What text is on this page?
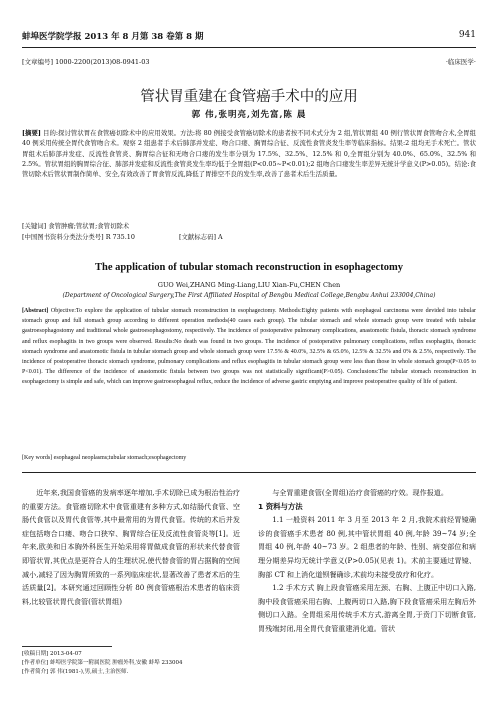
蚌埠医学院学报 2013 年 8 月第 38 卷第 8 期	941
[文章编号] 1000-2200(2013)08-0941-03	·临床医学·
管状胃重建在食管癌手术中的应用
郭 伟,张明亮,刘先富,陈 晨
[摘要] 目的:探讨管状胃在食管癌切除术中的应用效果。方法:将 80 例接受食管癌切除术的患者按不同术式分为 2 组,管状胃组 40 例行管状胃食管吻合术,全胃组 40 例采用传统全胃代食管吻合术。观察 2 组患者手术后肺部并发症、吻合口瘘、胸胃综合征、反流性食管炎发生率等临床指标。结果:2 组均无手术死亡。管状胃组术后肺部并发症、反流性食管炎、胸胃综合征和无吻合口瘘的发生率分别为 17.5%、32.5%、12.5% 和 0,全胃组分别为 40.0%、65.0%、32.5% 和 2.5%。管状胃组的胸胃综合征、肺部并发症和反流性食管炎发生率均低于全胃组(P<0.05~P<0.01);2 组吻合口瘘发生率差异无统计学意义(P>0.05)。结论:食管切除术后管状胃制作简单、安全,有效改善了胃食管反流,降低了胃排空不良的发生率,改善了患者术后生活质量。
[关键词] 食管肿瘤;管状胃;食管切除术
[中国图书资料分类法分类号] R 735.10	[文献标志码] A
The application of tubular stomach reconstruction in esophagectomy
GUO Wei,ZHANG Ming-Liang,LIU Xian-Fu,CHEN Chen
(Department of Oncological Surgery,The First Affiliated Hospital of Bengbu Medical College,Bengbu Anhui 233004,China)
[Abstract] Objective:To explore the application of tubular stomach reconstruction in esophagectomy. Methods:Eighty patients with esophageal carcinoma were devided into tubular stomach group and full stomach group according to different operation methods(40 cases each group). The tubular stomach and whole stomach group were treated with tubular gastroesophagostomy and traditional whole gastroesophagostomy, respectively. The incidence of postoperative pulmonary complications, anastomotic fistula, thoracic stomach syndrome and reflux esophagitis in two groups were observed. Results:No death was found in two groups. The incidence of postoperative pulmonary complications, reflux esophagitis, thoracic stomach syndrome and anastomotic fistula in tubular stomach group and whole stomach group were 17.5% & 40.0%, 32.5% & 65.0%, 12.5% & 32.5% and 0% & 2.5%, respectively. The incidence of postoperative thoracic stomach syndrome, pulmonary complications and reflux esophagitis in tubular stomach group were less than those in whole stomach group(P<0.05 to P<0.01). The difference of the incidence of anastomotic fistula between two groups was not statistically significant(P>0.05). Conclusions:The tubular stomach reconstruction in esophagectomy is simple and safe, which can improve gastroesophageal reflux, reduce the incidence of adverse gastric emptying and improve postoperative quality of life of patient.
[Key words] esophageal neoplasms;tubular stomach;esophagectomy

近年来,我国食管癌的发病率逐年增加,手术切除已成为根治性治疗的重要方法。食管癌切除术中食管重建有多种方式,如结肠代食管、空肠代食管以及胃代食管等,其中最常用的为胃代食管。传统的术后并发症包括吻合口瘘、吻合口狭窄、胸胃综合征及反流性食管炎等[1]。近年来,欧美和日本胸外科医生开始采用将胃做成食管的形状来代替食管即管状胃,其优点是更符合人的生理状况,使代替食管的胃占据胸的空间减小,减轻了因为胸胃所致的一系列临床症状,显著改善了患者术后的生活质量[2]。本研究通过回顾性分析 80 例食管癌根治术患者的临床资料,比较管状胃代食管(管状胃组)

与全胃重建食管(全胃组)治疗食管癌的疗效。现作报道。

1 资料与方法

1.1 一般资料 2011 年 3 月至 2013 年 2 月,我院术前经胃镜确诊的食管癌手术患者 80 例,其中管状胃组 40 例,年龄 39~74 岁;全胃组 40 例,年龄 40~73 岁。2 组患者的年龄、性别、病变部位和病理分期差异均无统计学意义(P>0.05)(见表 1)。术前主要通过胃镜、胸部 CT 和上消化道钡餐确诊,术前均未接受放疗和化疗。

1.2 手术方式 胸上段食管癌采用左颈、右胸、上腹正中切口入路,胸中段食管癌采用右胸、上腹两切口入路,胸下段食管癌采用左胸后外侧切口入路。全胃组采用传统手术方式,游离全胃,于贲门下切断食管,胃残端封闭,用全胃代食管重建消化道。管状

[收稿日期] 2013-04-07
[作者单位] 蚌埠医学院第一附属医院 肿瘤外科,安徽 蚌埠 233004
[作者简介] 郭 伟(1981-),男,硕士,主治医师.
